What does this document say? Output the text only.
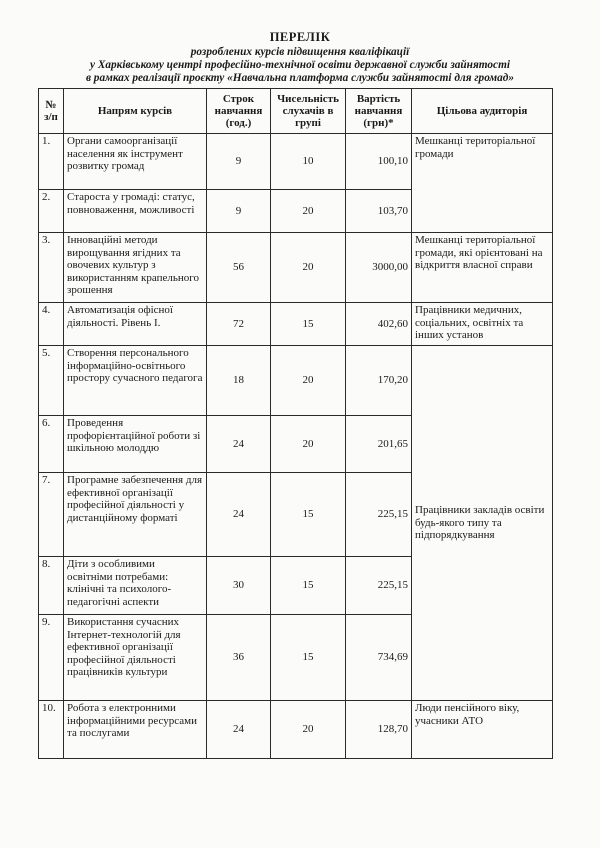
ПЕРЕЛІК
розроблених курсів підвищення кваліфікації
у Харківському центрі професійно-технічної освіти державної служби зайнятості
в рамках реалізації проєкту «Навчальна платформа служби зайнятості для громад»
№ з/п	Напрям курсів	Строк навчання (год.)	Чисельність слухачів в групі	Вартість навчання (грн)*	Цільова аудиторія
1.	Органи самоорганізації населення як інструмент розвитку громад	9	10	100,10	Мешканці територіальної громади
2.	Староста у громаді: статус, повноваження, можливості	9	20	103,70	
3.	Інноваційні методи вирощування ягідних та овочевих культур з використанням крапельного зрошення	56	20	3000,00	Мешканці територіальної громади, які орієнтовані на відкриття власної справи
4.	Автоматизація офісної діяльності. Рівень І.	72	15	402,60	Працівники медичних, соціальних, освітніх та інших установ
5.	Створення персонального інформаційно-освітнього простору сучасного педагога	18	20	170,20	Працівники закладів освіти будь-якого типу та підпорядкування
6.	Проведення профорієнтаційної роботи зі шкільною молоддю	24	20	201,65	
7.	Програмне забезпечення для ефективної організації професійної діяльності у дистанційному форматі	24	15	225,15	
8.	Діти з особливими освітніми потребами: клінічні та психолого-педагогічні аспекти	30	15	225,15	
9.	Використання сучасних Інтернет-технологій для ефективної організації професійної діяльності працівників культури	36	15	734,69	
10.	Робота з електронними інформаційними ресурсами та послугами	24	20	128,70	Люди пенсійного віку, учасники АТО
